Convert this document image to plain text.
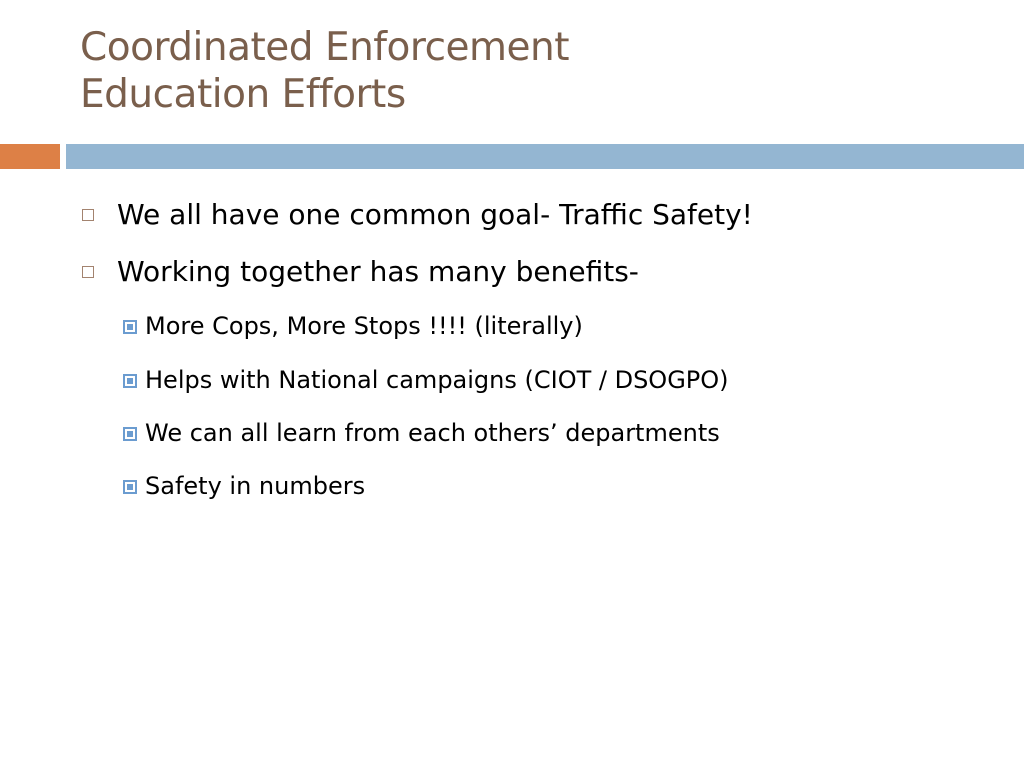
Coordinated Enforcement
Education Efforts
We all have one common goal- Traffic Safety!
Working together has many benefits-
More Cops, More Stops !!!! (literally)
Helps with National campaigns (CIOT / DSOGPO)
We can all learn from each others’ departments
Safety in numbers
